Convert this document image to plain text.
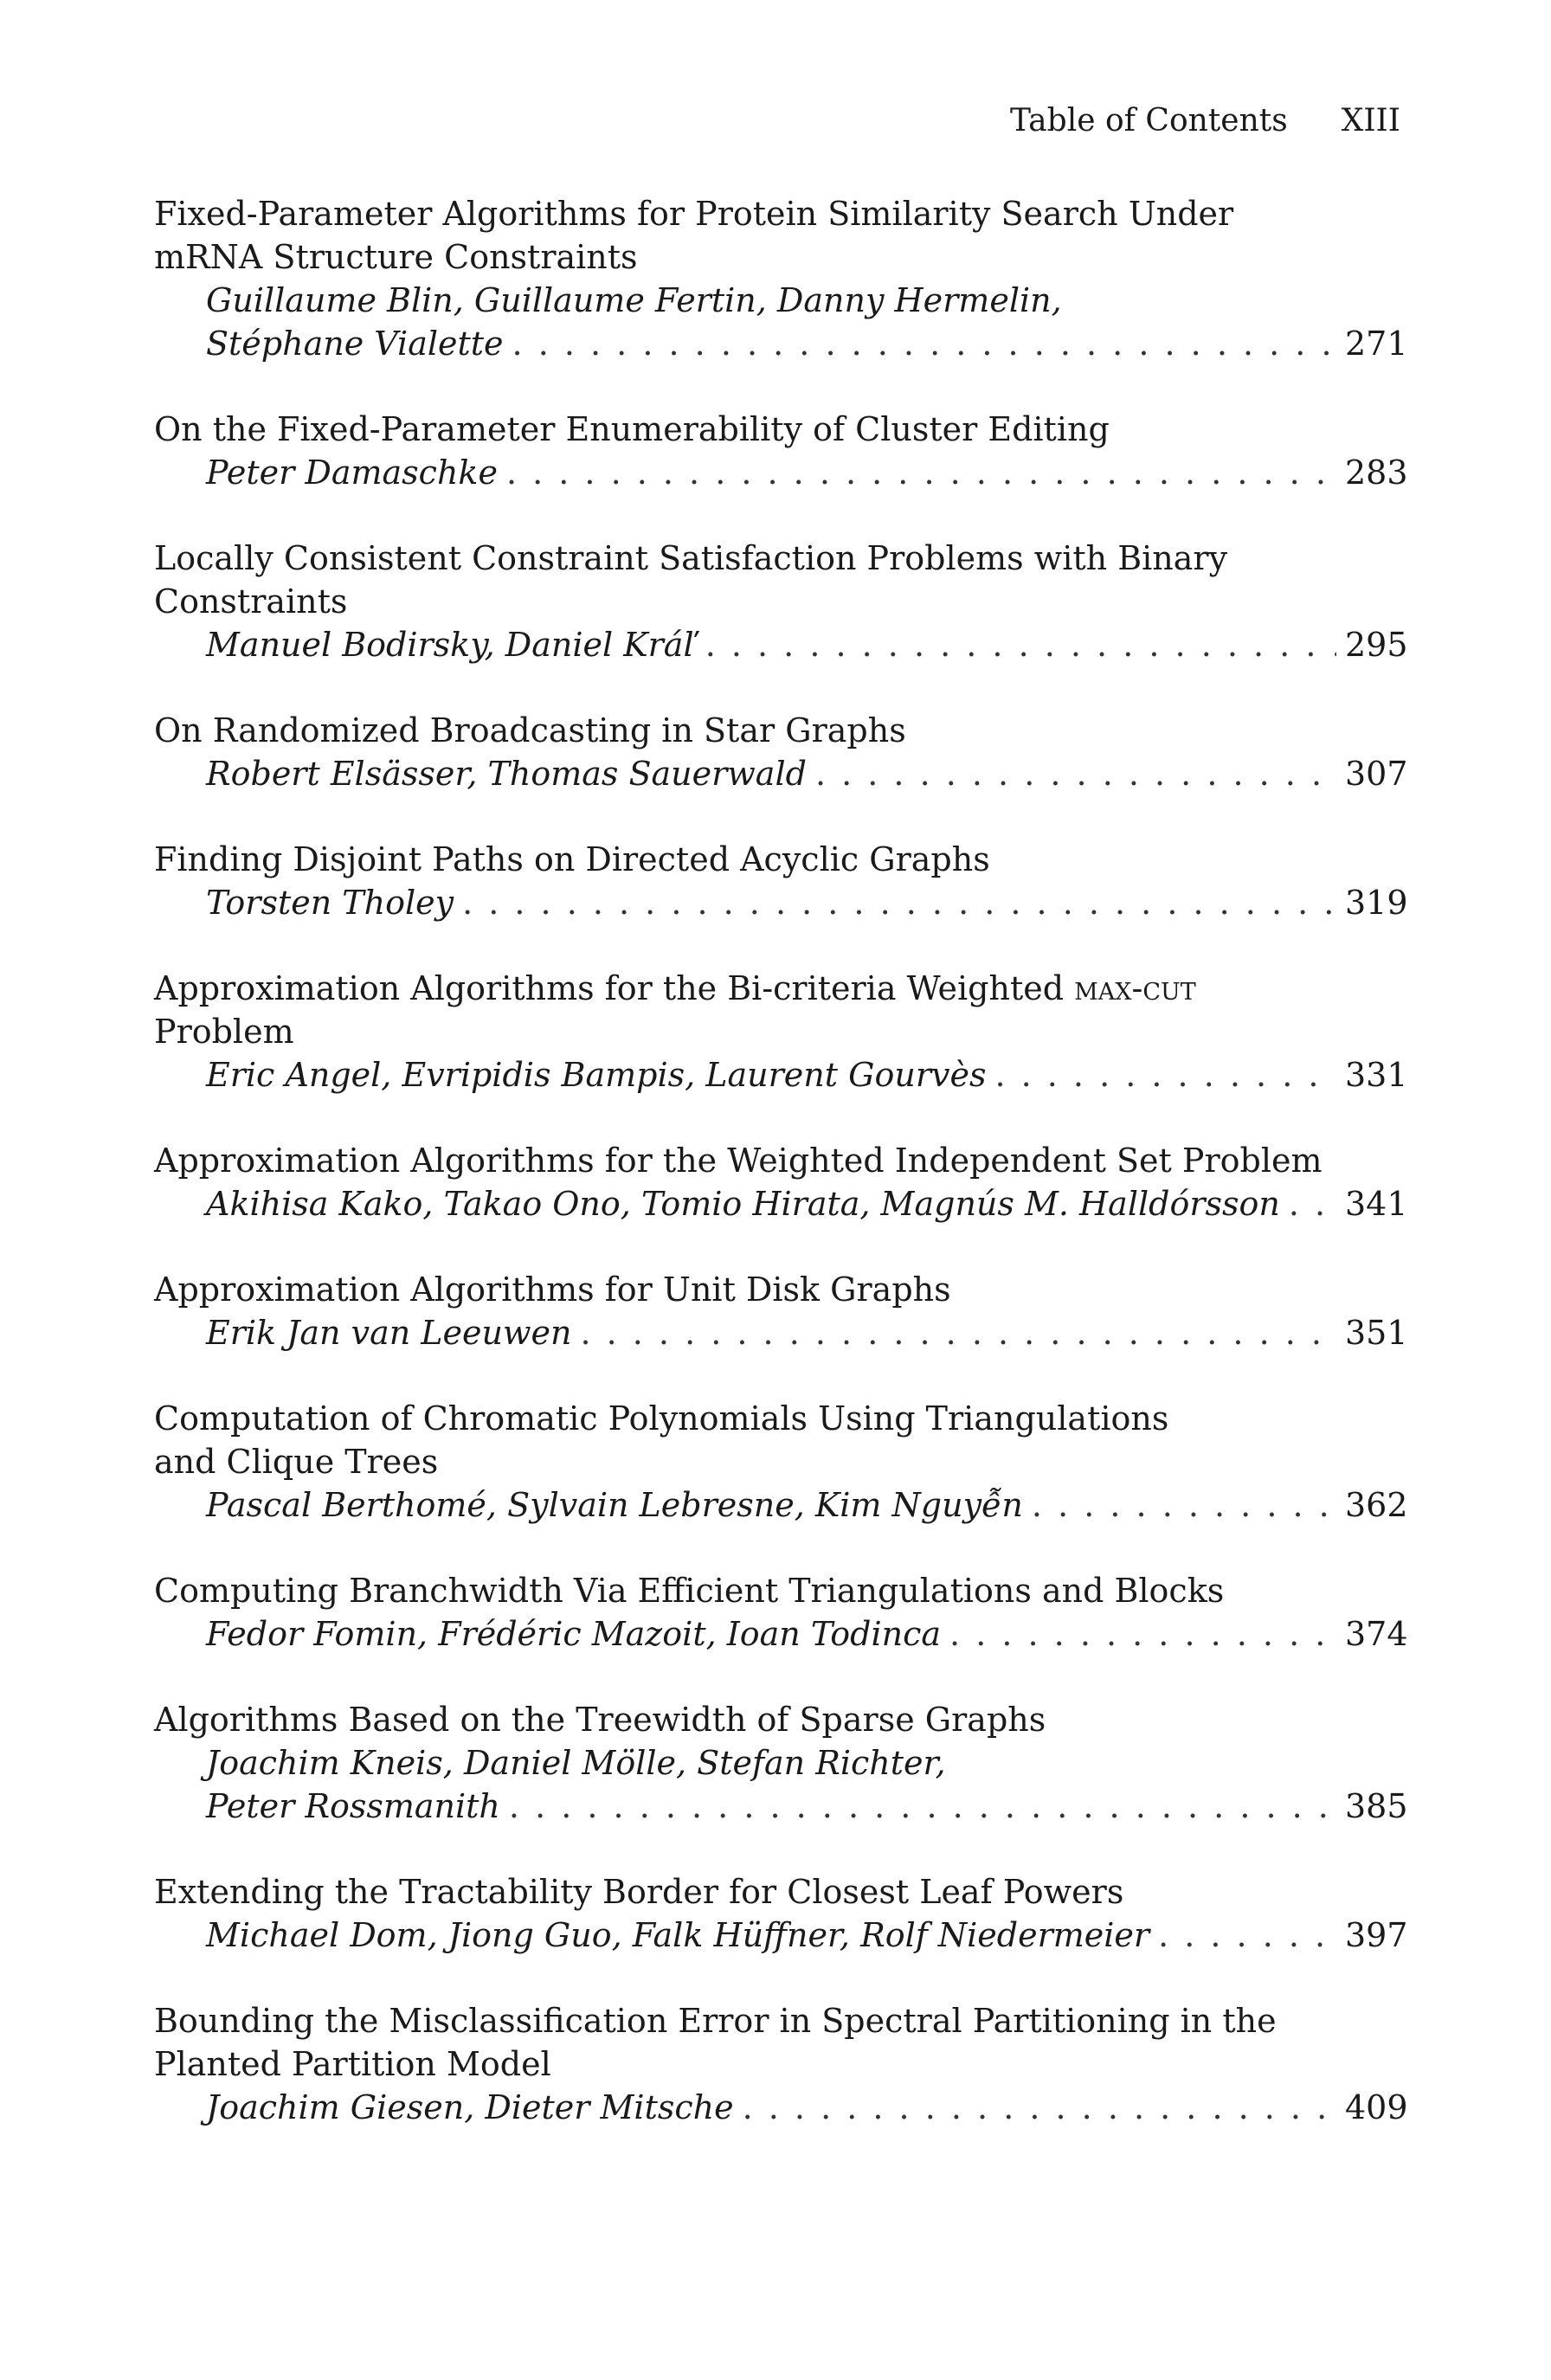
Table of Contents XIII
Fixed-Parameter Algorithms for Protein Similarity Search Under
mRNA Structure Constraints
Guillaume Blin, Guillaume Fertin, Danny Hermelin,
Stéphane Vialette . . .	271
On the Fixed-Parameter Enumerability of Cluster Editing
Peter Damaschke . . .	283
Locally Consistent Constraint Satisfaction Problems with Binary
Constraints
Manuel Bodirsky, Daniel Kráľ . . .	295
On Randomized Broadcasting in Star Graphs
Robert Elsässer, Thomas Sauerwald . . .	307
Finding Disjoint Paths on Directed Acyclic Graphs
Torsten Tholey . . .	319
Approximation Algorithms for the Bi-criteria Weighted max-cut
Problem
Eric Angel, Evripidis Bampis, Laurent Gourvès . . .	331
Approximation Algorithms for the Weighted Independent Set Problem
Akihisa Kako, Takao Ono, Tomio Hirata, Magnús M. Halldórsson . . . 341
Approximation Algorithms for Unit Disk Graphs
Erik Jan van Leeuwen . . .	351
Computation of Chromatic Polynomials Using Triangulations
and Clique Trees
Pascal Berthomé, Sylvain Lebresne, Kim Nguyễn . . .	362
Computing Branchwidth Via Efficient Triangulations and Blocks
Fedor Fomin, Frédéric Mazoit, Ioan Todinca . . .	374
Algorithms Based on the Treewidth of Sparse Graphs
Joachim Kneis, Daniel Mölle, Stefan Richter,
Peter Rossmanith . . .	385
Extending the Tractability Border for Closest Leaf Powers
Michael Dom, Jiong Guo, Falk Hüffner, Rolf Niedermeier . . .	397
Bounding the Misclassification Error in Spectral Partitioning in the
Planted Partition Model
Joachim Giesen, Dieter Mitsche . . .	409
